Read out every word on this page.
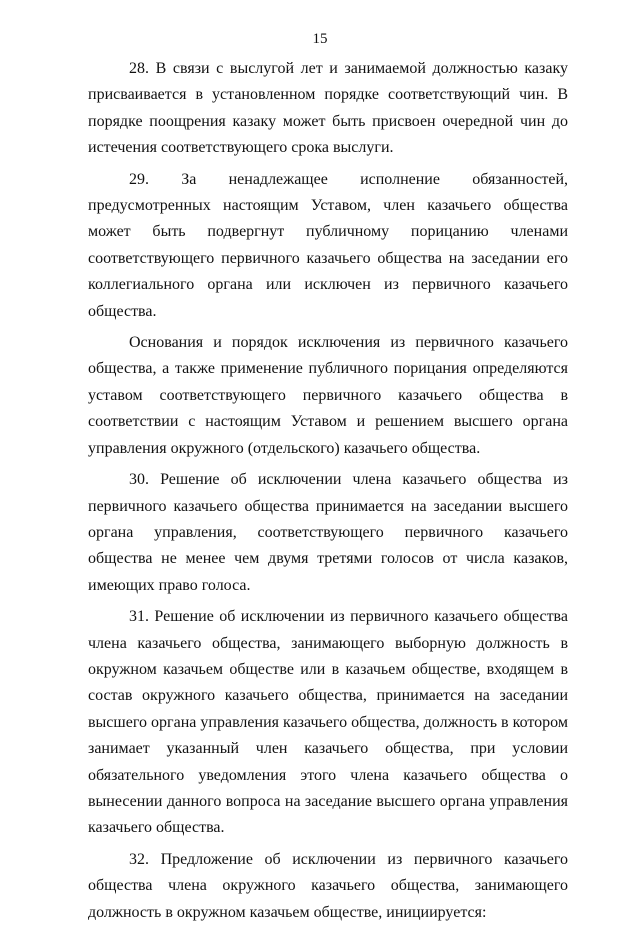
15

28. В связи с выслугой лет и занимаемой должностью казаку присваивается в установленном порядке соответствующий чин. В порядке поощрения казаку может быть присвоен очередной чин до истечения соответствующего срока выслуги.

29. За ненадлежащее исполнение обязанностей, предусмотренных настоящим Уставом, член казачьего общества может быть подвергнут публичному порицанию членами соответствующего первичного казачьего общества на заседании его коллегиального органа или исключен из первичного казачьего общества.

Основания и порядок исключения из первичного казачьего общества, а также применение публичного порицания определяются уставом соответствующего первичного казачьего общества в соответствии с настоящим Уставом и решением высшего органа управления окружного (отдельского) казачьего общества.

30. Решение об исключении члена казачьего общества из первичного казачьего общества принимается на заседании высшего органа управления, соответствующего первичного казачьего общества не менее чем двумя третями голосов от числа казаков, имеющих право голоса.

31. Решение об исключении из первичного казачьего общества члена казачьего общества, занимающего выборную должность в окружном казачьем обществе или в казачьем обществе, входящем в состав окружного казачьего общества, принимается на заседании высшего органа управления казачьего общества, должность в котором занимает указанный член казачьего общества, при условии обязательного уведомления этого члена казачьего общества о вынесении данного вопроса на заседание высшего органа управления казачьего общества.

32. Предложение об исключении из первичного казачьего общества члена окружного казачьего общества, занимающего должность в окружном казачьем обществе, инициируется:
